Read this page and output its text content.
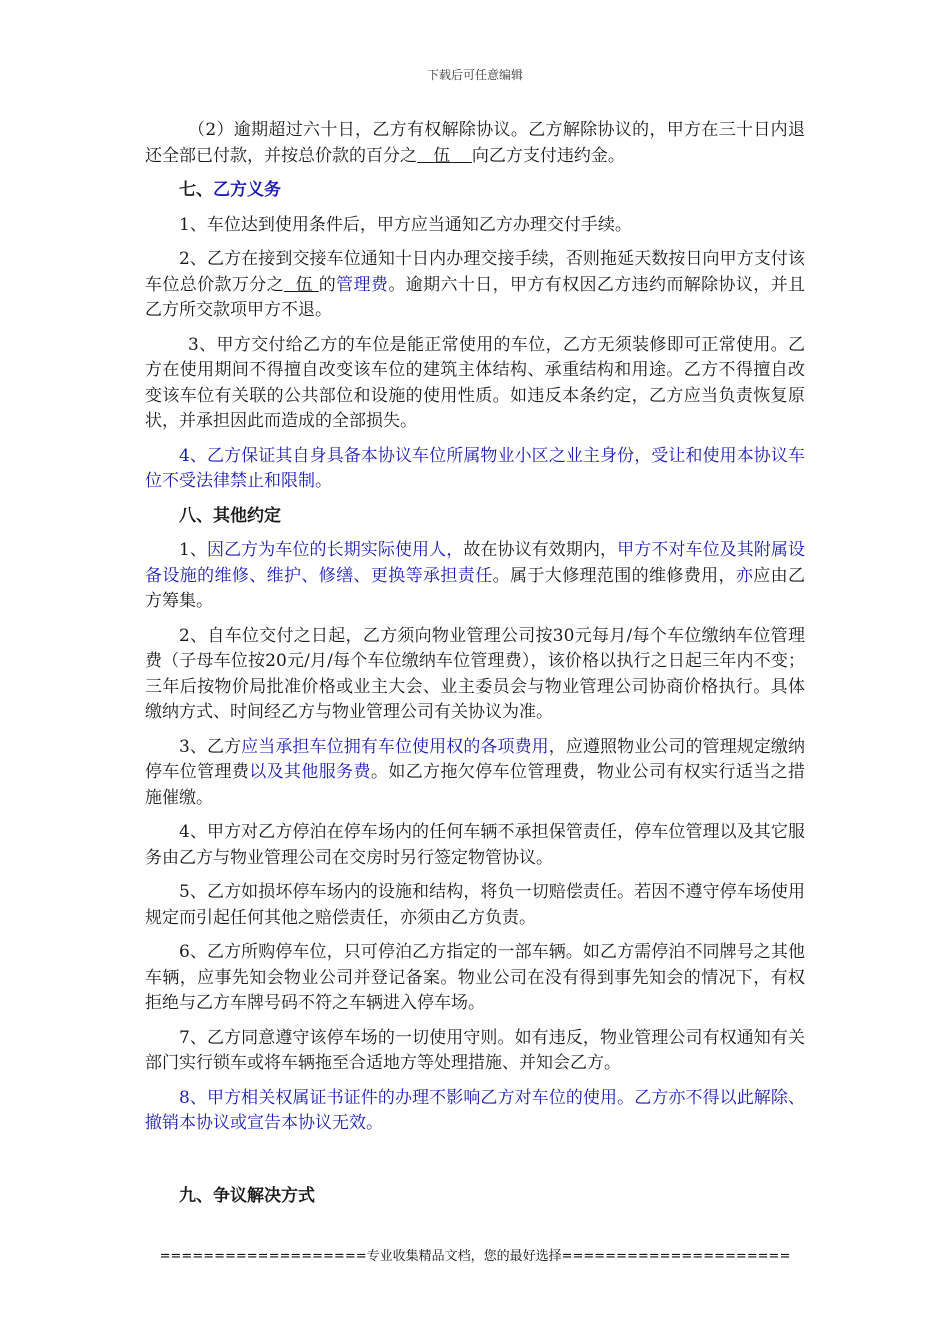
下载后可任意编辑

（2）逾期超过六十日，乙方有权解除协议。乙方解除协议的，甲方在三十日内退还全部已付款，并按总价款的百分之   伍    向乙方支付违约金。

七、乙方义务

1、车位达到使用条件后，甲方应当通知乙方办理交付手续。

2、乙方在接到交接车位通知十日内办理交接手续，否则拖延天数按日向甲方支付该车位总价款万分之  伍 的管理费。逾期六十日，甲方有权因乙方违约而解除协议，并且乙方所交款项甲方不退。

3、甲方交付给乙方的车位是能正常使用的车位，乙方无须装修即可正常使用。乙方在使用期间不得擅自改变该车位的建筑主体结构、承重结构和用途。乙方不得擅自改变该车位有关联的公共部位和设施的使用性质。如违反本条约定，乙方应当负责恢复原状，并承担因此而造成的全部损失。

4、乙方保证其自身具备本协议车位所属物业小区之业主身份，受让和使用本协议车位不受法律禁止和限制。

八、其他约定

1、因乙方为车位的长期实际使用人，故在协议有效期内，甲方不对车位及其附属设备设施的维修、维护、修缮、更换等承担责任。属于大修理范围的维修费用，亦应由乙方筹集。

2、自车位交付之日起，乙方须向物业管理公司按30元每月/每个车位缴纳车位管理费（子母车位按20元/月/每个车位缴纳车位管理费），该价格以执行之日起三年内不变；三年后按物价局批准价格或业主大会、业主委员会与物业管理公司协商价格执行。具体缴纳方式、时间经乙方与物业管理公司有关协议为准。

3、乙方应当承担车位拥有车位使用权的各项费用，应遵照物业公司的管理规定缴纳停车位管理费以及其他服务费。如乙方拖欠停车位管理费，物业公司有权实行适当之措施催缴。

4、甲方对乙方停泊在停车场内的任何车辆不承担保管责任，停车位管理以及其它服务由乙方与物业管理公司在交房时另行签定物管协议。

5、乙方如损坏停车场内的设施和结构，将负一切赔偿责任。若因不遵守停车场使用规定而引起任何其他之赔偿责任，亦须由乙方负责。

6、乙方所购停车位，只可停泊乙方指定的一部车辆。如乙方需停泊不同牌号之其他车辆，应事先知会物业公司并登记备案。物业公司在没有得到事先知会的情况下，有权拒绝与乙方车牌号码不符之车辆进入停车场。

7、乙方同意遵守该停车场的一切使用守则。如有违反，物业管理公司有权通知有关部门实行锁车或将车辆拖至合适地方等处理措施、并知会乙方。

8、甲方相关权属证书证件的办理不影响乙方对车位的使用。乙方亦不得以此解除、撤销本协议或宣告本协议无效。

九、争议解决方式
===================专业收集精品文档，您的最好选择=====================
